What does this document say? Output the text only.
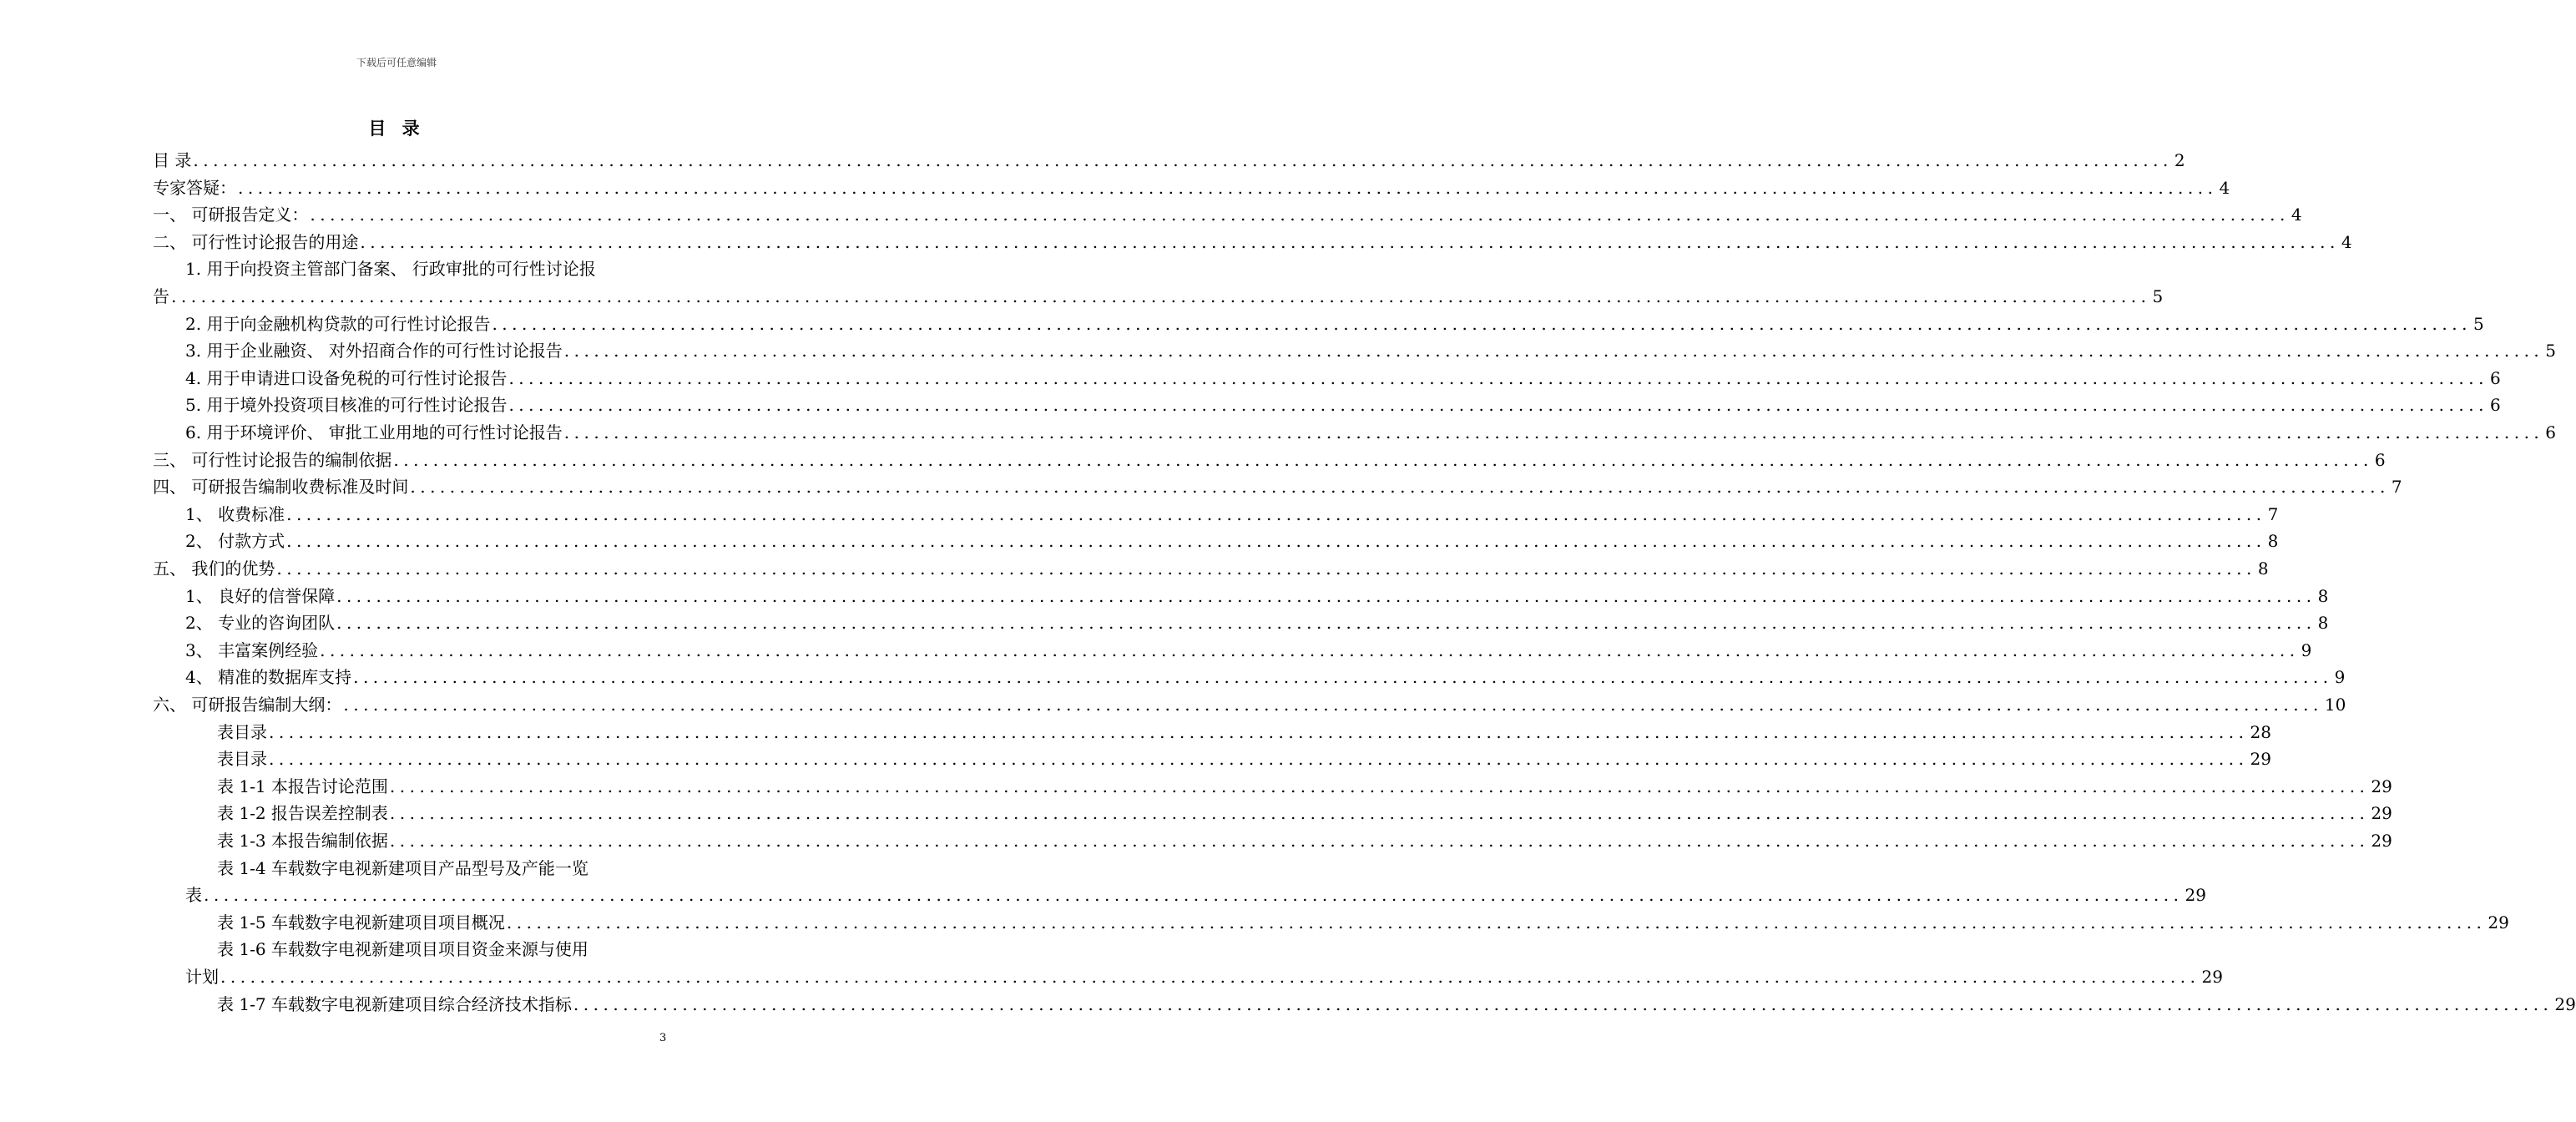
下载后可任意编辑
目 录
目 录 ........................................................................................................................................................................................................ 2
专家答疑： ........................................................................................................................................................................................................ 4
一、 可研报告定义： ........................................................................................................................................................................................................ 4
二、 可行性讨论报告的用途 ........................................................................................................................................................................................................ 4
1. 用于向投资主管部门备案、 行政审批的可行性讨论报
告 ........................................................................................................................................................................................................ 5
2. 用于向金融机构贷款的可行性讨论报告 ........................................................................................................................................................................................................ 5
3. 用于企业融资、 对外招商合作的可行性讨论报告 ........................................................................................................................................................................................................ 5
4. 用于申请进口设备免税的可行性讨论报告 ........................................................................................................................................................................................................ 6
5. 用于境外投资项目核准的可行性讨论报告 ........................................................................................................................................................................................................ 6
6. 用于环境评价、 审批工业用地的可行性讨论报告 ........................................................................................................................................................................................................ 6
三、 可行性讨论报告的编制依据 ........................................................................................................................................................................................................ 6
四、 可研报告编制收费标准及时间 ........................................................................................................................................................................................................ 7
1、 收费标准 ........................................................................................................................................................................................................ 7
2、 付款方式 ........................................................................................................................................................................................................ 8
五、 我们的优势 ........................................................................................................................................................................................................ 8
1、 良好的信誉保障 ........................................................................................................................................................................................................ 8
2、 专业的咨询团队 ........................................................................................................................................................................................................ 8
3、 丰富案例经验 ........................................................................................................................................................................................................ 9
4、 精准的数据库支持 ........................................................................................................................................................................................................ 9
六、 可研报告编制大纲： ........................................................................................................................................................................................................ 10
表目录 ........................................................................................................................................................................................................ 28
表目录 ........................................................................................................................................................................................................ 29
表 1-1 本报告讨论范围 ........................................................................................................................................................................................................ 29
表 1-2 报告误差控制表 ........................................................................................................................................................................................................ 29
表 1-3 本报告编制依据 ........................................................................................................................................................................................................ 29
表 1-4 车载数字电视新建项目产品型号及产能一览
表 ........................................................................................................................................................................................................ 29
表 1-5 车载数字电视新建项目项目概况 ........................................................................................................................................................................................................ 29
表 1-6 车载数字电视新建项目项目资金来源与使用
计划 ........................................................................................................................................................................................................ 29
表 1-7 车载数字电视新建项目综合经济技术指标 ........................................................................................................................................................................................................ 29
3
